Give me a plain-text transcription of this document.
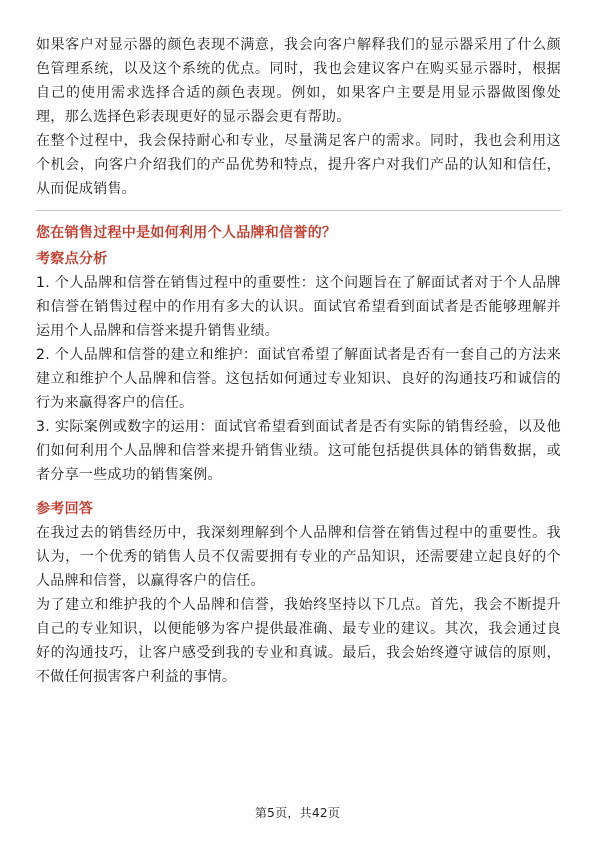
如果客户对显示器的颜色表现不满意，我会向客户解释我们的显示器采用了什么颜色管理系统，以及这个系统的优点。同时，我也会建议客户在购买显示器时，根据自己的使用需求选择合适的颜色表现。例如，如果客户主要是用显示器做图像处理，那么选择色彩表现更好的显示器会更有帮助。

在整个过程中，我会保持耐心和专业，尽量满足客户的需求。同时，我也会利用这个机会，向客户介绍我们的产品优势和特点，提升客户对我们产品的认知和信任，从而促成销售。

您在销售过程中是如何利用个人品牌和信誉的？

考察点分析

1. 个人品牌和信誉在销售过程中的重要性：这个问题旨在了解面试者对于个人品牌和信誉在销售过程中的作用有多大的认识。面试官希望看到面试者是否能够理解并运用个人品牌和信誉来提升销售业绩。

2. 个人品牌和信誉的建立和维护：面试官希望了解面试者是否有一套自己的方法来建立和维护个人品牌和信誉。这包括如何通过专业知识、良好的沟通技巧和诚信的行为来赢得客户的信任。

3. 实际案例或数字的运用：面试官希望看到面试者是否有实际的销售经验，以及他们如何利用个人品牌和信誉来提升销售业绩。这可能包括提供具体的销售数据，或者分享一些成功的销售案例。

参考回答

在我过去的销售经历中，我深刻理解到个人品牌和信誉在销售过程中的重要性。我认为，一个优秀的销售人员不仅需要拥有专业的产品知识，还需要建立起良好的个人品牌和信誉，以赢得客户的信任。

为了建立和维护我的个人品牌和信誉，我始终坚持以下几点。首先，我会不断提升自己的专业知识，以便能够为客户提供最准确、最专业的建议。其次，我会通过良好的沟通技巧，让客户感受到我的专业和真诚。最后，我会始终遵守诚信的原则，不做任何损害客户利益的事情。

第5页，共42页
